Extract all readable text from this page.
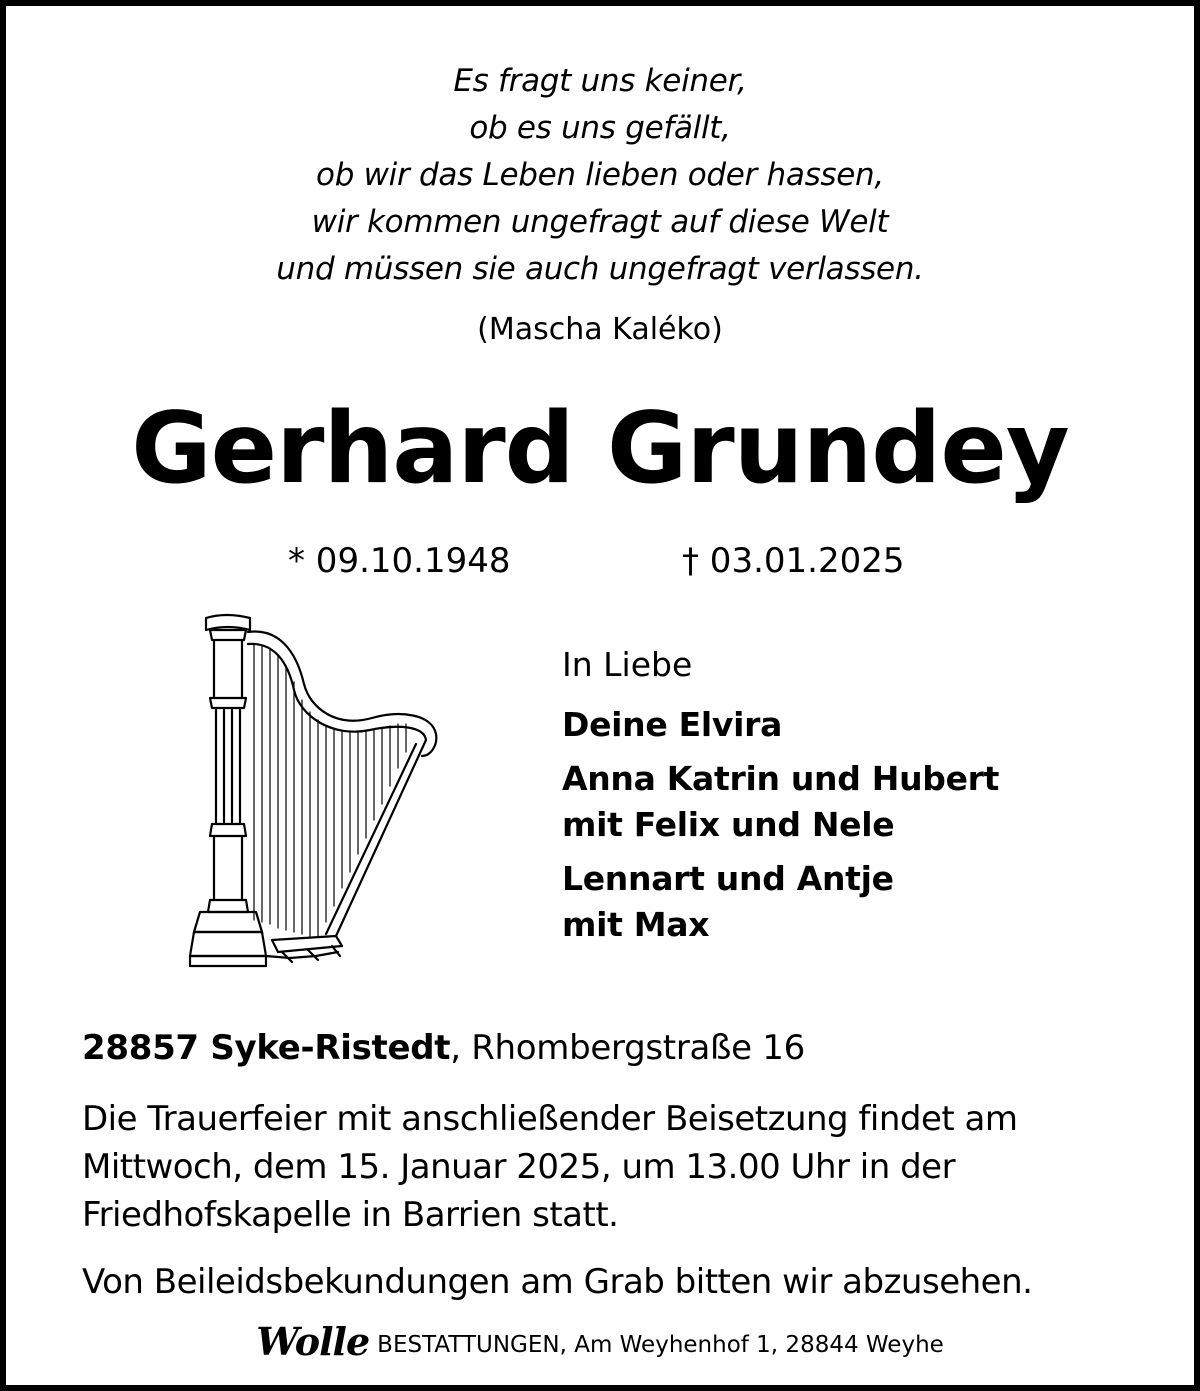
Es fragt uns keiner,
ob es uns gefällt,
ob wir das Leben lieben oder hassen,
wir kommen ungefragt auf diese Welt
und müssen sie auch ungefragt verlassen.
(Mascha Kaléko)
Gerhard Grundey
* 09.10.1948	† 03.01.2025
In Liebe
Deine Elvira
Anna Katrin und Hubert
mit Felix und Nele
Lennart und Antje
mit Max
28857 Syke-Ristedt, Rhombergstraße 16
Die Trauerfeier mit anschließender Beisetzung findet am
Mittwoch, dem 15. Januar 2025, um 13.00 Uhr in der
Friedhofskapelle in Barrien statt.
Von Beileidsbekundungen am Grab bitten wir abzusehen.
Wolle BESTATTUNGEN, Am Weyhenhof 1, 28844 Weyhe
